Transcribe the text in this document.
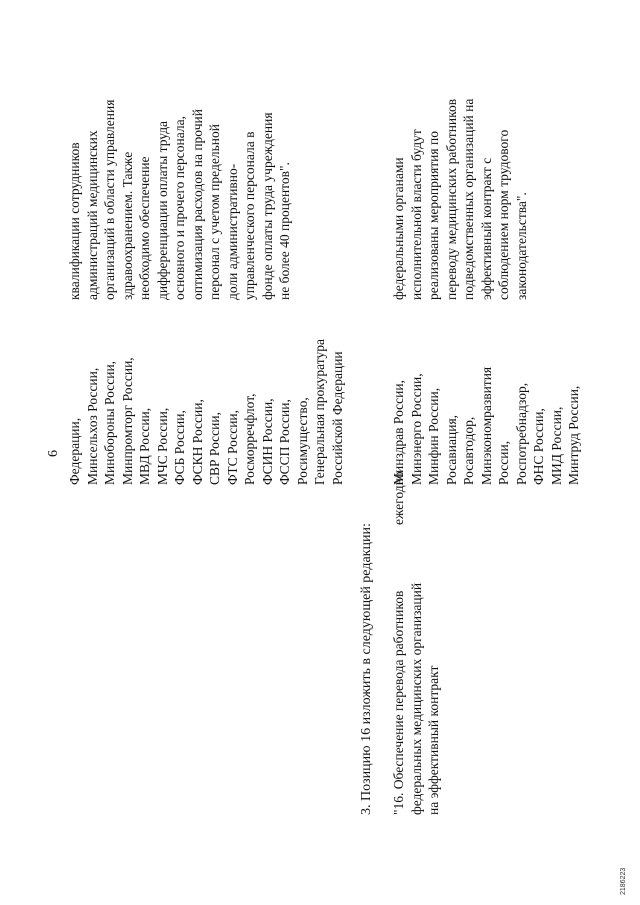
6 Федерации, Минсельхоз России, Минобороны России, Минпромторг России, МВД России, МЧС России, ФСБ России, ФСКН России, СВР России, ФТС России, Росморречфлот, ФСИН России, ФССП России, Росимущество, Генеральная прокуратура Российской Федерации
квалификации сотрудников администраций медицинских организаций в области управления здравоохранением. Также необходимо обеспечение дифференциации оплаты труда основного и прочего персонала, оптимизация расходов на прочий персонал с учетом предельной доли административно- управленческого персонала в фонде оплаты труда учреждения не более 40 процентов".
3. Позицию 16 изложить в следующей редакции: "16. Обеспечение перевода работников федеральных медицинских организаций на эффективный контракт
ежегодно
Минздрав России, Минэнерго России, Минфин России, Росавиация, Росавтодор, Минэкономразвития России, Роспотребнадзор, ФНС России, МИД России, Минтруд России,
федеральными органами исполнительной власти будут реализованы мероприятия по переводу медицинских работников подведомственных организаций на эффективный контракт с соблюдением норм трудового законодательства".
2186223
